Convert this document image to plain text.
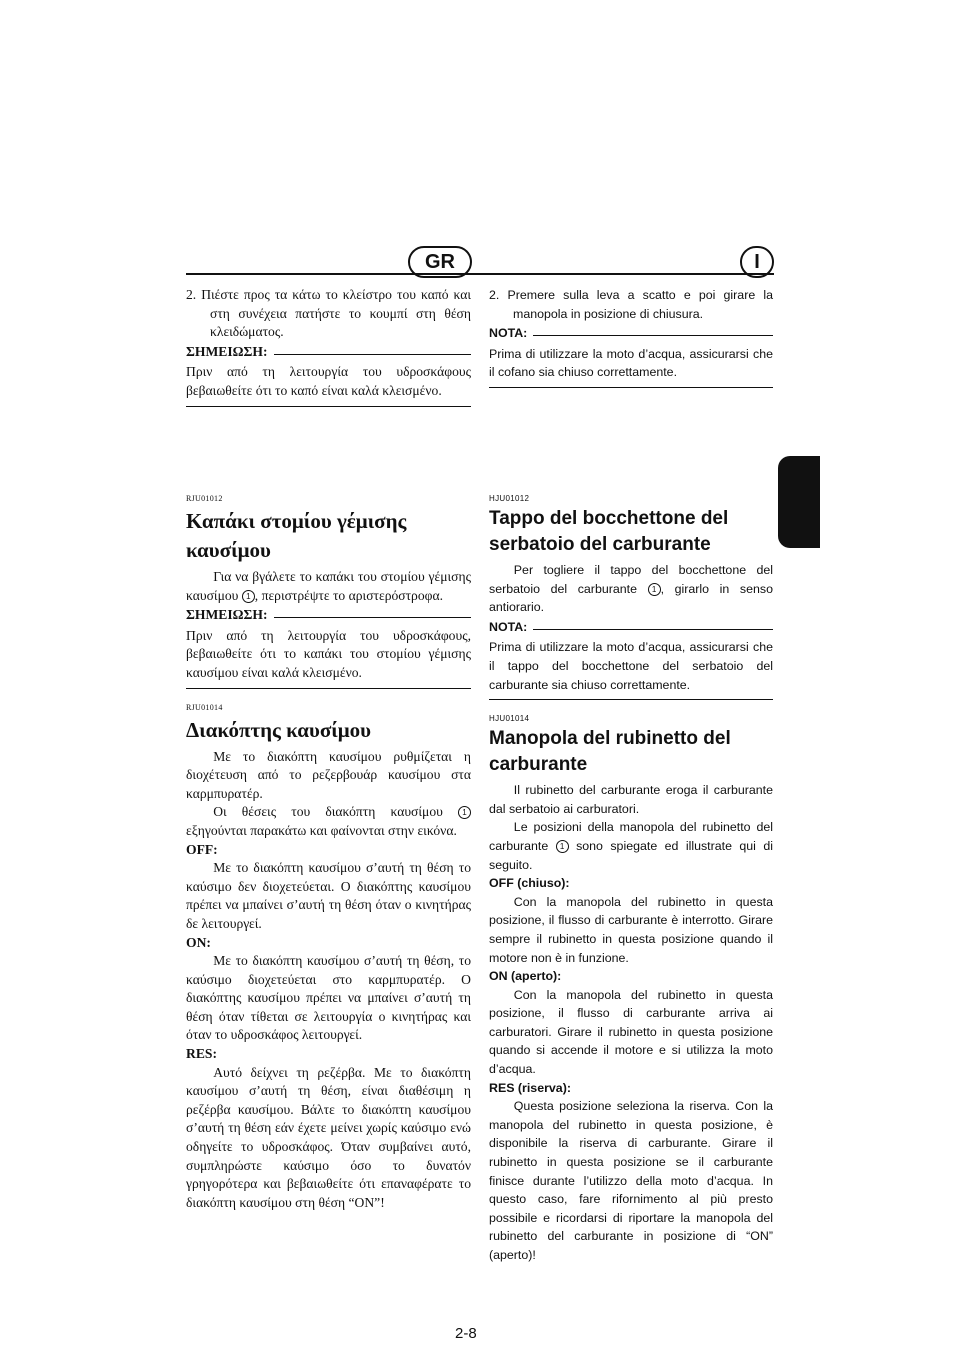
GR	I

2. Πιέστε προς τα κάτω το κλείστρο του καπό και στη συνέχεια πατήστε το κουμπί στη θέση κλειδώματος.

ΣΗΜΕΙΩΣΗ:

Πριν από τη λειτουργία του υδροσκάφους βεβαιωθείτε ότι το καπό είναι καλά κλεισμένο.

2. Premere sulla leva a scatto e poi girare la manopola in posizione di chiusura.

NOTA:

Prima di utilizzare la moto d’acqua, assicurarsi che il cofano sia chiuso correttamente.

RJU01012
Καπάκι στομίου γέμισης
καυσίμου

Για να βγάλετε το καπάκι του στομίου γέμισης καυσίμου 1 , περιστρέψτε το αριστερόστροφα.

ΣΗΜΕΙΩΣΗ:

Πριν από τη λειτουργία του υδροσκάφους, βεβαιωθείτε ότι το καπάκι του στομίου γέμισης καυσίμου είναι καλά κλεισμένο.

RJU01014
Διακόπτης καυσίμου

Με το διακόπτη καυσίμου ρυθμίζεται η διοχέτευση από το ρεζερβουάρ καυσίμου στα καρμπυρατέρ.

Οι θέσεις του διακόπτη καυσίμου 1 εξηγούνται παρακάτω και φαίνονται στην εικόνα.

OFF:

Με το διακόπτη καυσίμου σ’αυτή τη θέση το καύσιμο δεν διοχετεύεται. Ο διακόπτης καυσίμου πρέπει να μπαίνει σ’αυτή τη θέση όταν ο κινητήρας δε λειτουργεί.

ON:

Με το διακόπτη καυσίμου σ’αυτή τη θέση, το καύσιμο διοχετεύεται στο καρμπυρατέρ. Ο διακόπτης καυσίμου πρέπει να μπαίνει σ’αυτή τη θέση όταν τίθεται σε λειτουργία ο κινητήρας και όταν το υδροσκάφος λειτουργεί.

RES:

Αυτό δείχνει τη ρεζέρβα. Με το διακόπτη καυσίμου σ’αυτή τη θέση, είναι διαθέσιμη η ρεζέρβα καυσίμου. Βάλτε το διακόπτη καυσίμου σ’αυτή τη θέση εάν έχετε μείνει χωρίς καύσιμο ενώ οδηγείτε το υδροσκάφος. Όταν συμβαίνει αυτό, συμπληρώστε καύσιμο όσο το δυνατόν γρηγορότερα και βεβαιωθείτε ότι επαναφέρατε το διακόπτη καυσίμου στη θέση “ON”!

HJU01012
Tappo del bocchettone del
serbatoio del carburante

Per togliere il tappo del bocchettone del serbatoio del carburante 1 , girarlo in senso antiorario.

NOTA:

Prima di utilizzare la moto d’acqua, assicurarsi che il tappo del bocchettone del serbatoio del carburante sia chiuso correttamente.

HJU01014
Manopola del rubinetto del
carburante

Il rubinetto del carburante eroga il carburante dal serbatoio ai carburatori.

Le posizioni della manopola del rubinetto del carburante 1 sono spiegate ed illustrate qui di seguito.

OFF (chiuso):

Con la manopola del rubinetto in questa posizione, il flusso di carburante è interrotto. Girare sempre il rubinetto in questa posizione quando il motore non è in funzione.

ON (aperto):

Con la manopola del rubinetto in questa posizione, il flusso di carburante arriva ai carburatori. Girare il rubinetto in questa posizione quando si accende il motore e si utilizza la moto d’acqua.

RES (riserva):

Questa posizione seleziona la riserva. Con la manopola del rubinetto in questa posizione, è disponibile la riserva di carburante. Girare il rubinetto in questa posizione se il carburante finisce durante l’utilizzo della moto d’acqua. In questo caso, fare rifornimento al più presto possibile e ricordarsi di riportare la manopola del rubinetto del carburante in posizione di “ON” (aperto)!

2-8
